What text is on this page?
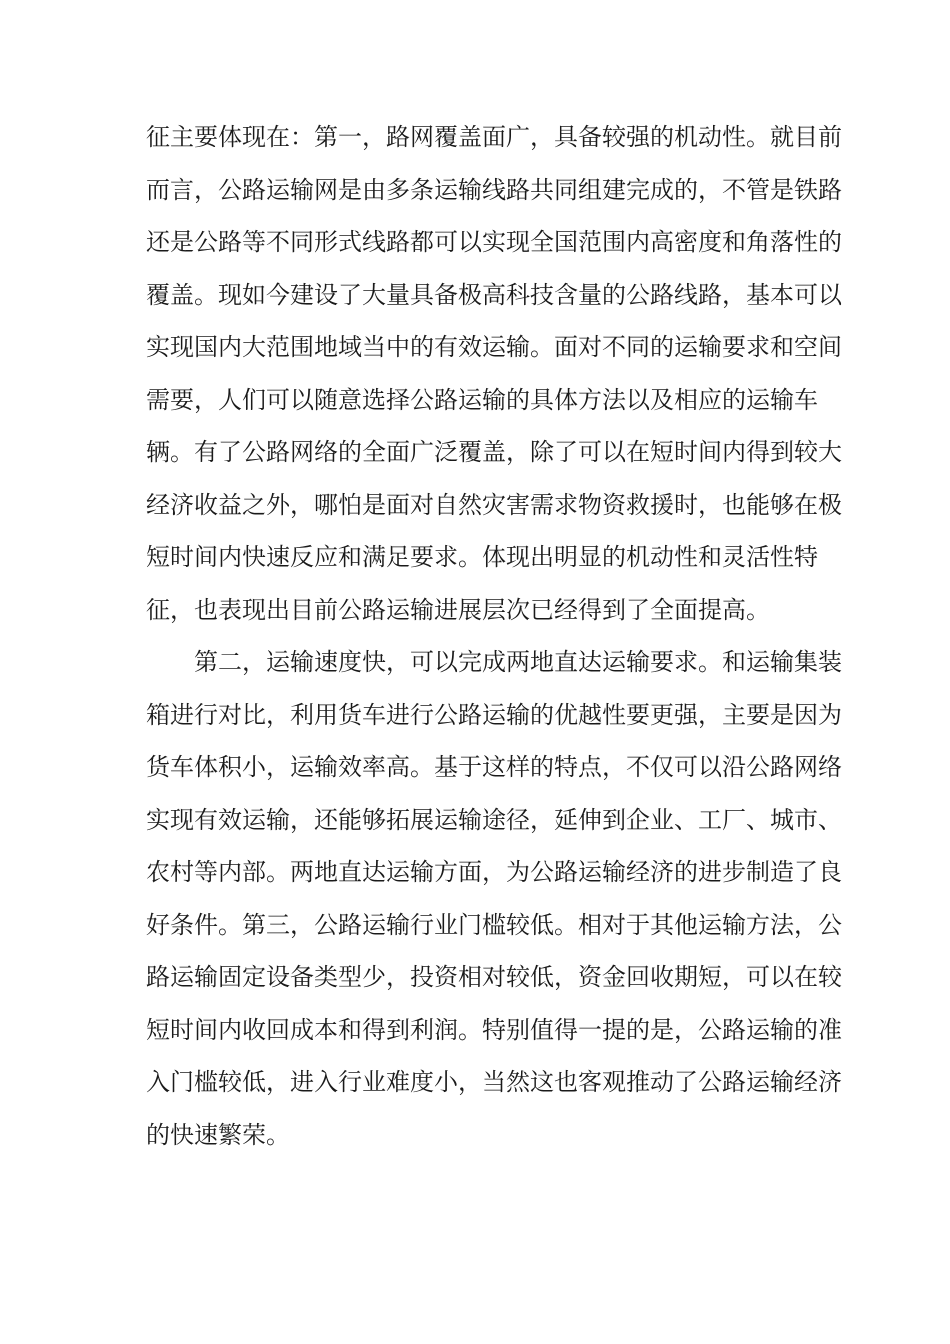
征主要体现在：第一，路网覆盖面广，具备较强的机动性。就目前
而言，公路运输网是由多条运输线路共同组建完成的，不管是铁路
还是公路等不同形式线路都可以实现全国范围内高密度和角落性的
覆盖。现如今建设了大量具备极高科技含量的公路线路，基本可以
实现国内大范围地域当中的有效运输。面对不同的运输要求和空间
需要，人们可以随意选择公路运输的具体方法以及相应的运输车
辆。有了公路网络的全面广泛覆盖，除了可以在短时间内得到较大
经济收益之外，哪怕是面对自然灾害需求物资救援时，也能够在极
短时间内快速反应和满足要求。体现出明显的机动性和灵活性特
征，也表现出目前公路运输进展层次已经得到了全面提高。
　　第二，运输速度快，可以完成两地直达运输要求。和运输集装
箱进行对比，利用货车进行公路运输的优越性要更强，主要是因为
货车体积小，运输效率高。基于这样的特点，不仅可以沿公路网络
实现有效运输，还能够拓展运输途径，延伸到企业、工厂、城市、
农村等内部。两地直达运输方面，为公路运输经济的进步制造了良
好条件。第三，公路运输行业门槛较低。相对于其他运输方法，公
路运输固定设备类型少，投资相对较低，资金回收期短，可以在较
短时间内收回成本和得到利润。特别值得一提的是，公路运输的准
入门槛较低，进入行业难度小，当然这也客观推动了公路运输经济
的快速繁荣。
